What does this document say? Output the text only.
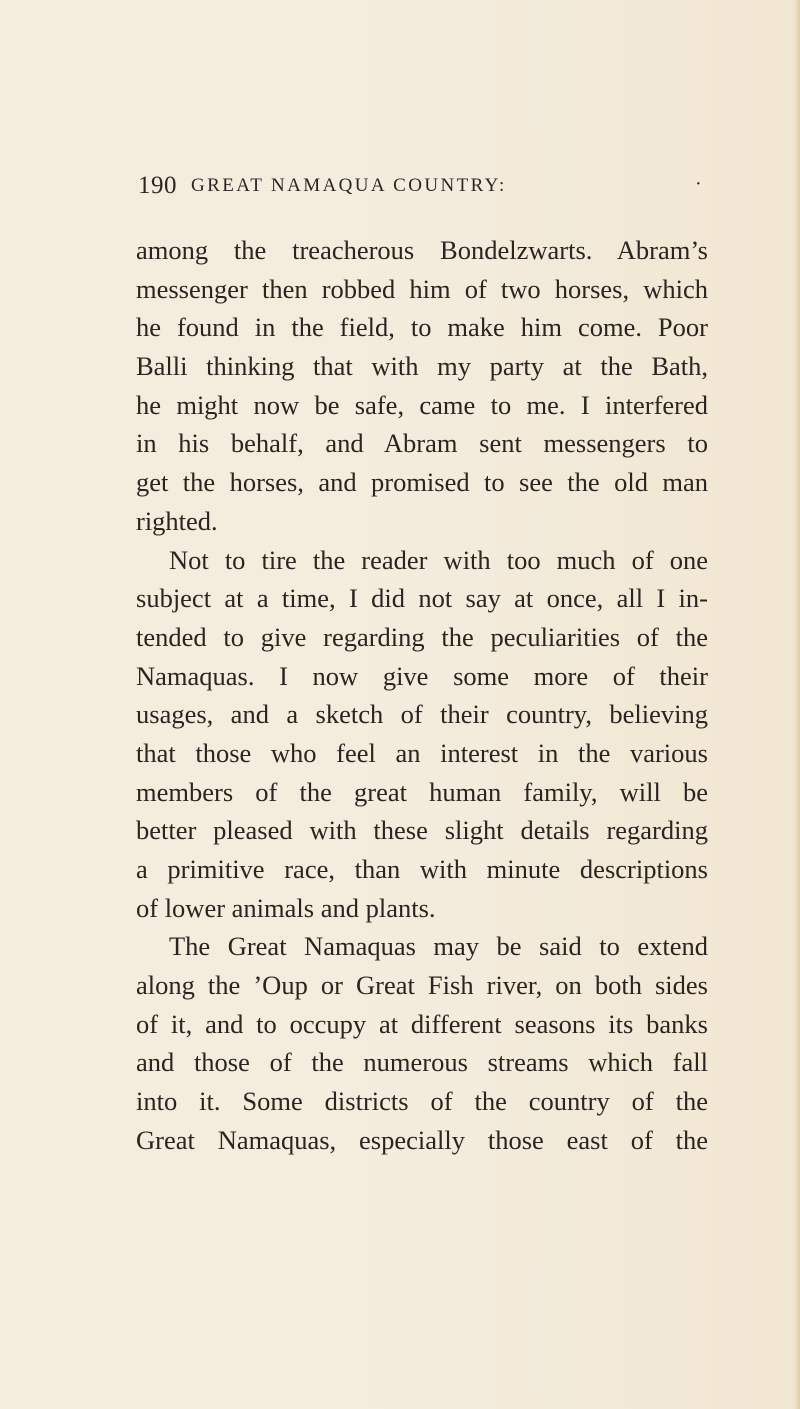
190 GREAT NAMAQUA COUNTRY:	·
among the treacherous Bondelzwarts. Abram’s
messenger then robbed him of two horses, which
he found in the field, to make him come. Poor
Balli thinking that with my party at the Bath,
he might now be safe, came to me. I interfered
in his behalf, and Abram sent messengers to
get the horses, and promised to see the old man
righted.
Not to tire the reader with too much of one
subject at a time, I did not say at once, all I in-
tended to give regarding the peculiarities of the
Namaquas. I now give some more of their
usages, and a sketch of their country, believing
that those who feel an interest in the various
members of the great human family, will be
better pleased with these slight details regarding
a primitive race, than with minute descriptions
of lower animals and plants.
The Great Namaquas may be said to extend
along the ’Oup or Great Fish river, on both sides
of it, and to occupy at different seasons its banks
and those of the numerous streams which fall
into it. Some districts of the country of the
Great Namaquas, especially those east of the
